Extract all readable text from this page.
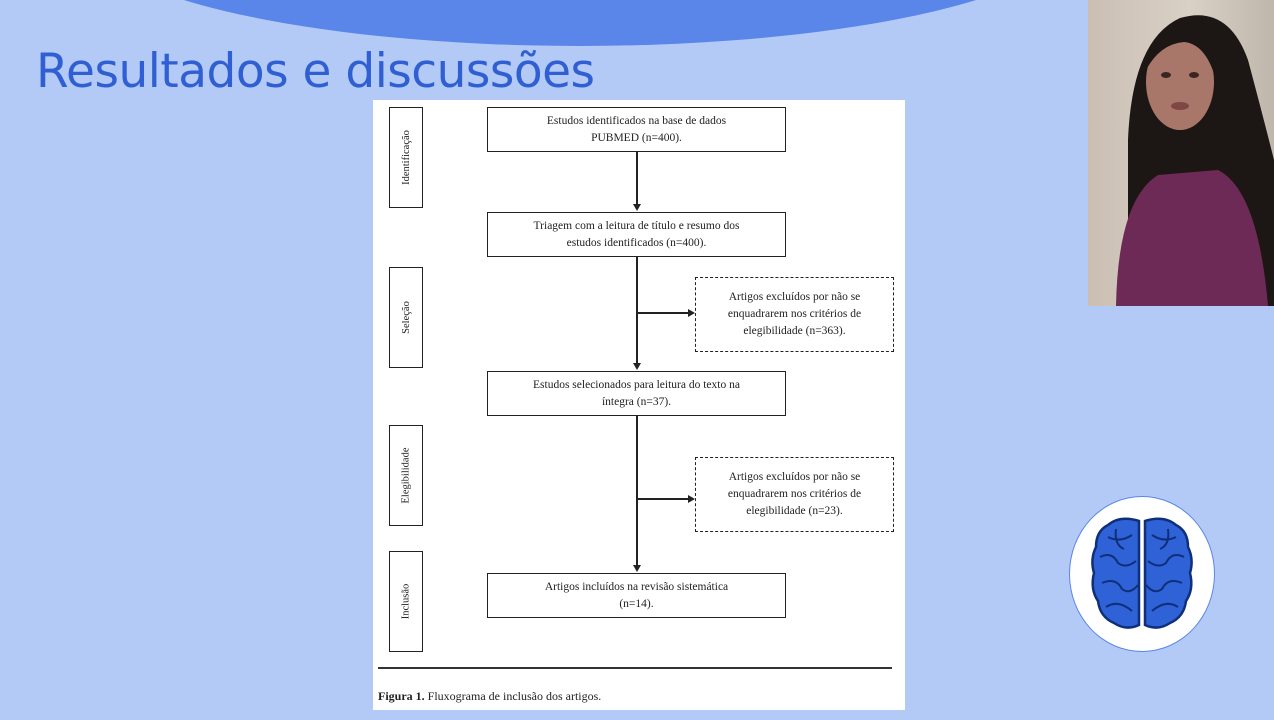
Resultados e discussões
Identificação
Seleção
Elegibilidade
Inclusão
Estudos identificados na base de dados
PUBMED (n=400).
Triagem com a leitura de título e resumo dos
estudos identificados (n=400).
Artigos excluídos por não se
enquadrarem nos critérios de
elegibilidade (n=363).
Estudos selecionados para leitura do texto na
íntegra (n=37).
Artigos excluídos por não se
enquadrarem nos critérios de
elegibilidade (n=23).
Artigos incluídos na revisão sistemática
(n=14).
Figura 1. Fluxograma de inclusão dos artigos.
